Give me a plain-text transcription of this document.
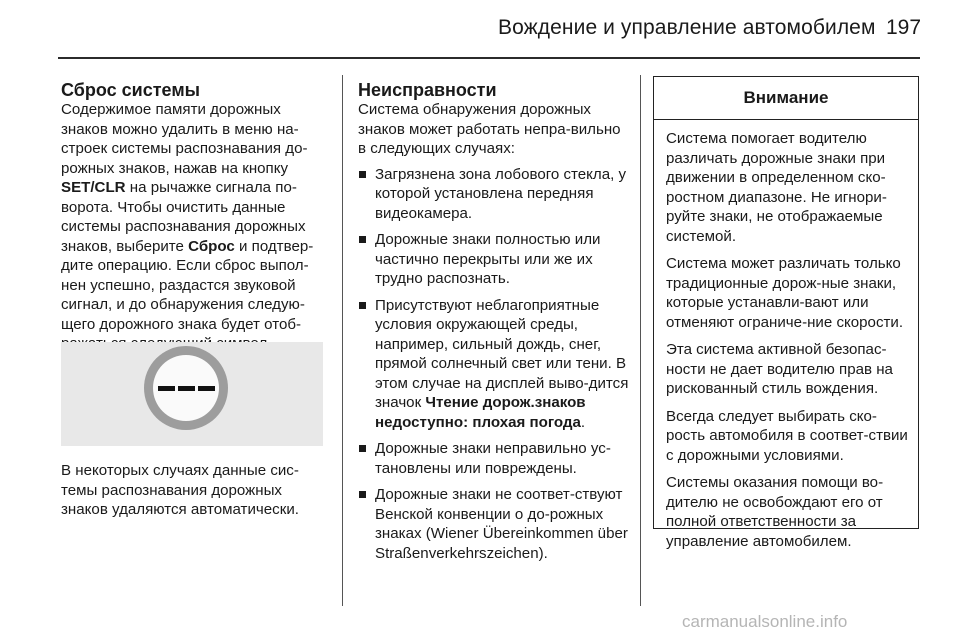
Вождение и управление автомобилем 197
Сброс системы

Содержимое памяти дорожных знаков можно удалить в меню на-строек системы распознавания до-рожных знаков, нажав на кнопку SET/CLR на рычажке сигнала по-ворота. Чтобы очистить данные системы распознавания дорожных знаков, выберите Сброс и подтвер-дите операцию. Если сброс выпол-нен успешно, раздастся звуковой сигнал, и до обнаружения следую-щего дорожного знака будет отоб-

В некоторых случаях данные сис-темы распознавания дорожных знаков удаляются автоматически.

Неисправности

Система обнаружения дорожных знаков может работать непра-вильно в следующих случаях:

Загрязнена зона лобового стекла, у которой установлена передняя видеокамера.
Дорожные знаки полностью или частично перекрыты или же их трудно распознать.
Присутствуют неблагоприятные условия окружающей среды, например, сильный дождь, снег, прямой солнечный свет или тени. В этом случае на дисплей выво-дится значок Чтение дорож.знаков недоступно: плохая погода.
Дорожные знаки неправильно ус-тановлены или повреждены.
Дорожные знаки не соответ-ствуют Венской конвенции о до-рожных знаках (Wiener Übereinkommen über Straßenverkehrszeichen).
Внимание

Система помогает водителю различать дорожные знаки при движении в определенном ско-ростном диапазоне. Не игнори-руйте знаки, не отображаемые системой.

Система может различать только традиционные дорож-ные знаки, которые устанавли-вают или отменяют ограниче-ние скорости.

Эта система активной безопас-ности не дает водителю прав на рискованный стиль вождения.

Всегда следует выбирать ско-рость автомобиля в соответ-ствии с дорожными условиями.

Системы оказания помощи во-дителю не освобождают его от полной ответственности за управление автомобилем.

carmanualsonline.info
